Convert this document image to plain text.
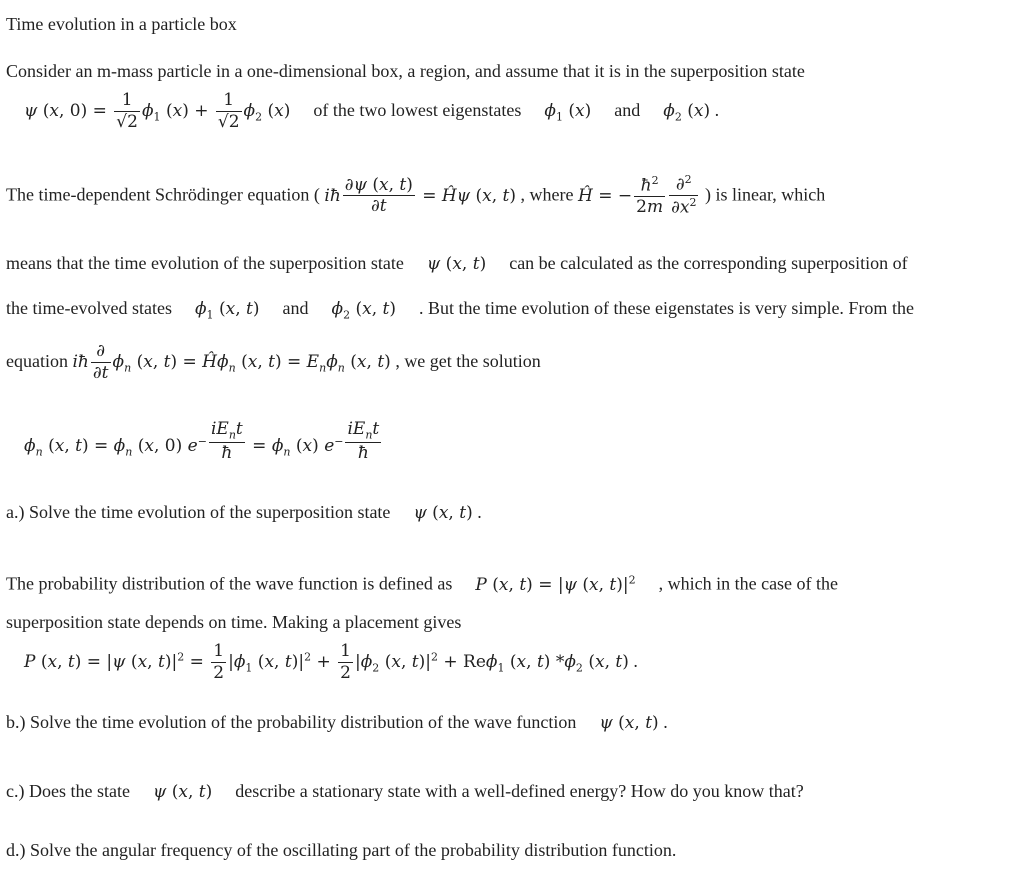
Time evolution in a particle box
Consider an m-mass particle in a one-dimensional box, a region, and assume that it is in the superposition state
ψ (x, $0) = \frac{1}{√2} \phi_1$ $(x) + \frac{1}{√2} \phi_2$ (x) of the two lowest eigenstates $\phi_1$ (x) and $\phi_2$ (x) .
The time-dependent Schrödinger equation ( iħ $\frac{\partial\psi (x, t)}{\partial t}$ = Ĥψ (x, t) , where Ĥ = − $\frac{ħ^2}{2m} \frac{\partial^2}{\partial x^2}$ ) is linear, which
means that the time evolution of the superposition state ψ (x, t) can be calculated as the corresponding superposition of
the time-evolved states $\phi_1$ (x, t) and $\phi_2$ (x, t) . But the time evolution of these eigenstates is very simple. From the
equation iħ $\frac{\partial}{\partial t} \phi_n$ (x, $t) = Ĥ\phi_n$ (x, $t) = E_n\phi_n$ (x, t) , we get the solution
$\phi_n$ (x, $t) = \phi_n$ (x, 0) $e^{- \frac{iE_nt}{ħ}} = \phi_n$ (x) $e^{- \frac{iE_nt}{ħ}}$
a.) Solve the time evolution of the superposition state ψ (x, t) .
The probability distribution of the wave function is defined as P (x, t) = |ψ (x, $t)|^2$ , which in the case of the
superposition state depends on time. Making a placement gives
P (x, t) = |ψ (x, $t)|^2 = \frac{1}{2} |\phi_1$ (x, $t)|^2 + \frac{1}{2} |\phi_2$ (x, $t)|^2 + Re\phi_1$ (x, t) $*\phi_2$ (x, t) .
b.) Solve the time evolution of the probability distribution of the wave function ψ (x, t) .
c.) Does the state ψ (x, t) describe a stationary state with a well-defined energy? How do you know that?
d.) Solve the angular frequency of the oscillating part of the probability distribution function.
